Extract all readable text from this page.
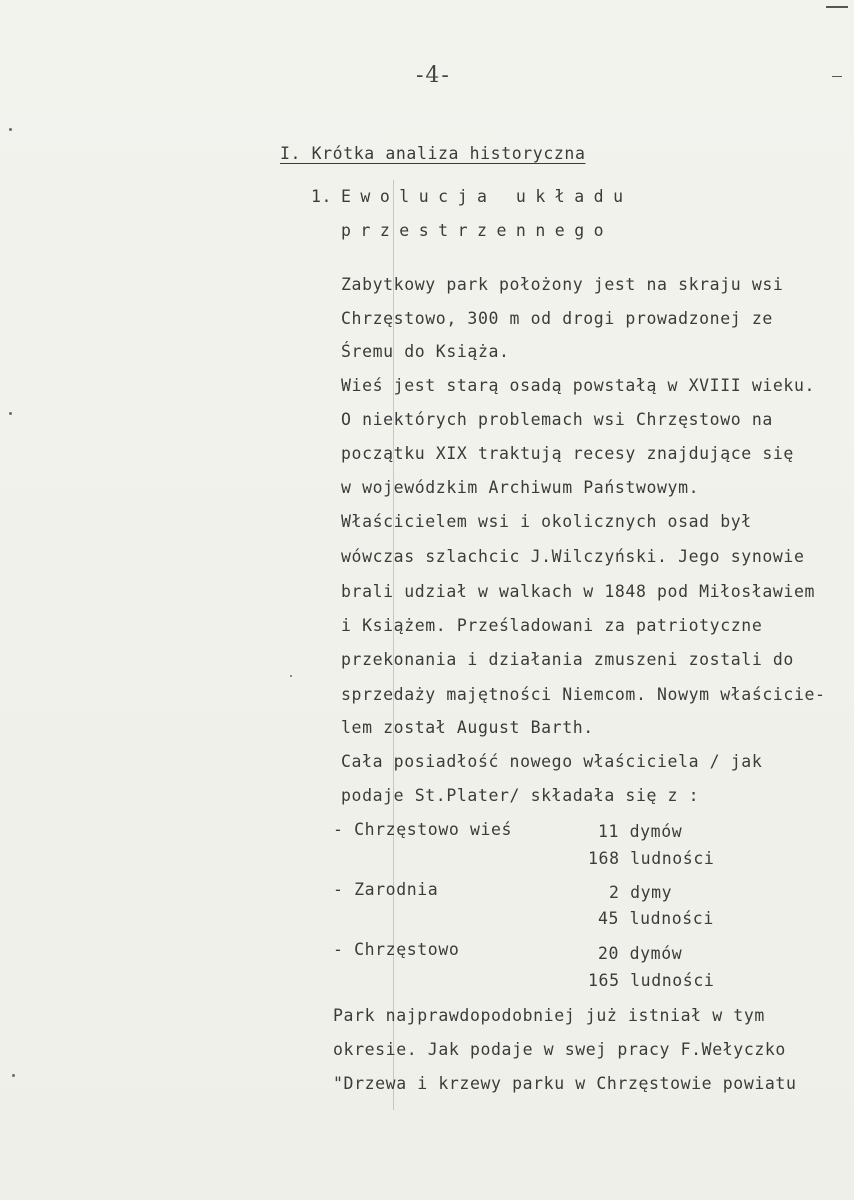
-4-
I. Krótka analiza historyczna
1. Ewolucja układu
przestrzennego
Zabytkowy park położony jest na skraju wsi
Chrzęstowo, 300 m od drogi prowadzonej ze
Śremu do Książa.
Wieś jest starą osadą powstałą w XVIII wieku.
O niektórych problemach wsi Chrzęstowo na
początku XIX traktują recesy znajdujące się
w wojewódzkim Archiwum Państwowym.
Właścicielem wsi i okolicznych osad był
wówczas szlachcic J.Wilczyński. Jego synowie
brali udział w walkach w 1848 pod Miłosławiem
i Książem. Prześladowani za patriotyczne
przekonania i działania zmuszeni zostali do
sprzedaży majętności Niemcom. Nowym właścicie-
lem został August Barth.
Cała posiadłość nowego właściciela / jak
podaje St.Plater/ składała się z :
- Chrzęstowo wieś	11 dymów
168 ludności
- Zarodnia	2 dymy
45 ludności
- Chrzęstowo	20 dymów
165 ludności
Park najprawdopodobniej już istniał w tym
okresie. Jak podaje w swej pracy F.Wełyczko
"Drzewa i krzewy parku w Chrzęstowie powiatu
